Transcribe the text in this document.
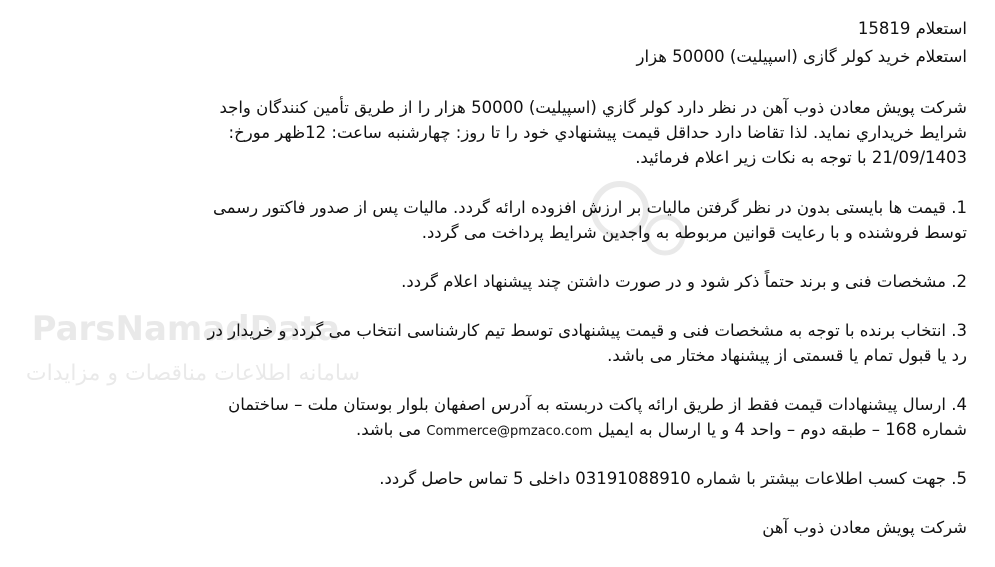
ParsNamadData
سامانه اطلاعات مناقصات و مزایدات
استعلام 15819
استعلام خرید کولر گازی (اسپیلیت) 50000 هزار
شرکت پویش معادن ذوب آهن در نظر دارد کولر گازي (اسپيليت) 50000 هزار را از طریق تأمین کنندگان واجد
شرايط خريداري نمايد. لذا تقاضا دارد حداقل قيمت پيشنهادي خود را تا روز: چهارشنبه ساعت: 12ظهر مورخ:
21/09/1403 با توجه به نكات زير اعلام فرمائيد.
1. قیمت ها بایستی بدون در نظر گرفتن مالیات بر ارزش افزوده ارائه گردد. مالیات پس از صدور فاکتور رسمی
توسط فروشنده و با رعایت قوانین مربوطه به واجدین شرایط پرداخت می گردد.
2. مشخصات فنی و برند حتماً ذکر شود و در صورت داشتن چند پیشنهاد اعلام گردد.
3. انتخاب برنده با توجه به مشخصات فنی و قیمت پیشنهادی توسط تیم کارشناسی انتخاب می گردد و خریدار در
رد یا قبول تمام یا قسمتی از پیشنهاد مختار می باشد.
4. ارسال پیشنهادات قیمت فقط از طریق ارائه پاکت دربسته به آدرس اصفهان بلوار بوستان ملت – ساختمان
شماره 168 – طبقه دوم – واحد 4 و یا ارسال به ایمیل Commerce@pmzaco.com می باشد.
5. جهت کسب اطلاعات بیشتر با شماره 03191088910 داخلی 5 تماس حاصل گردد.
شرکت پویش معادن ذوب آهن
